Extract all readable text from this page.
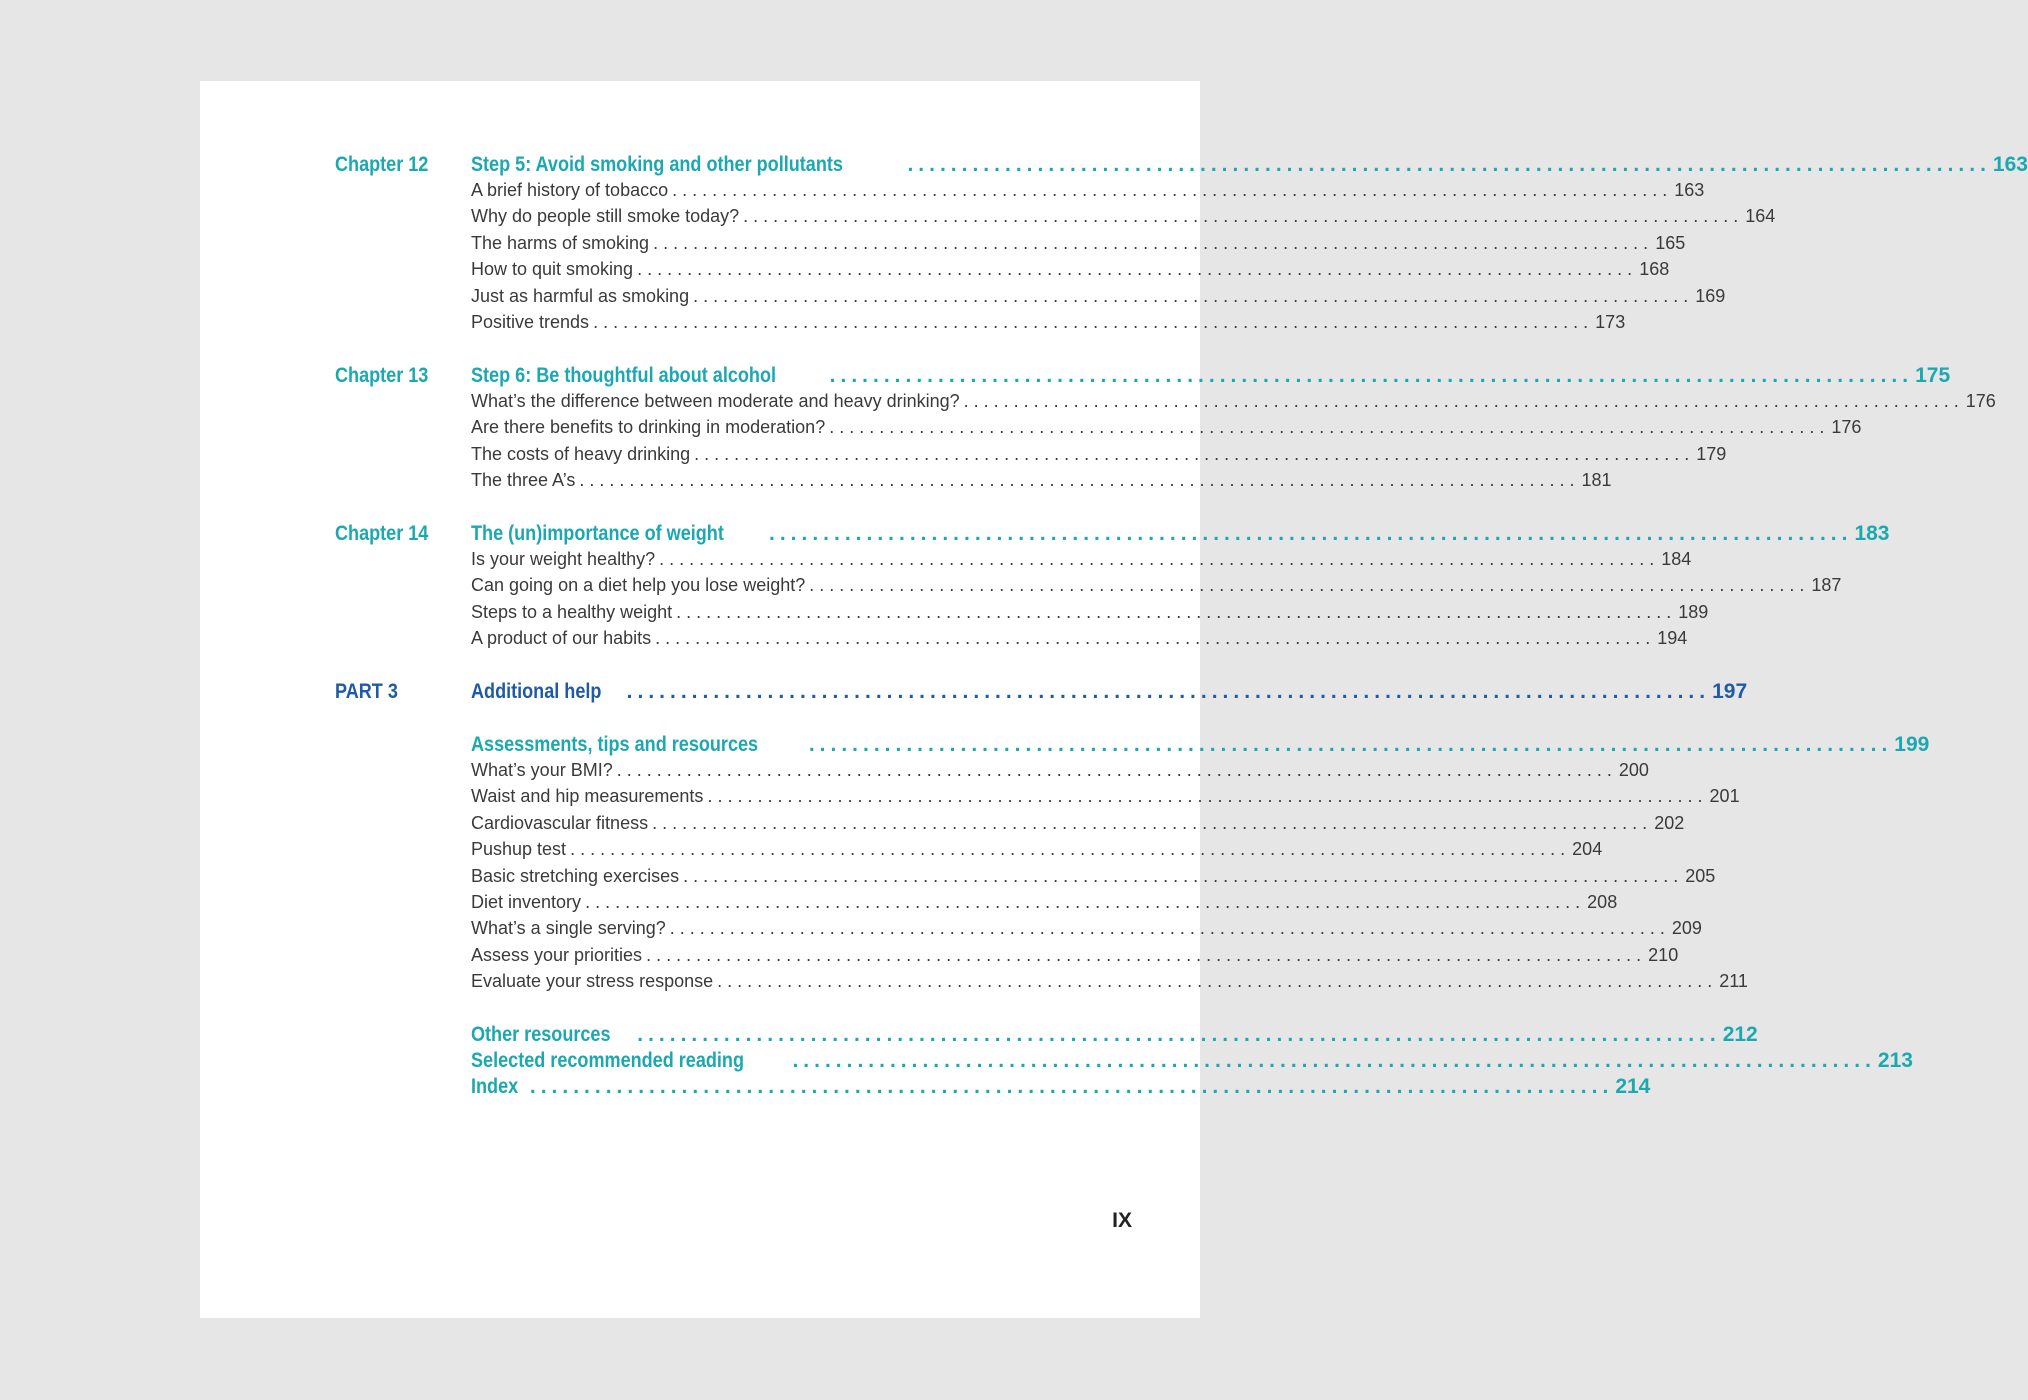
Chapter 12	Step 5: Avoid smoking and other pollutants	.................................................................................................... 163
A brief history of tobacco .................................................................................................... 163
Why do people still smoke today? .................................................................................................... 164
The harms of smoking .................................................................................................... 165
How to quit smoking .................................................................................................... 168
Just as harmful as smoking .................................................................................................... 169
Positive trends .................................................................................................... 173
Chapter 13	Step 6: Be thoughtful about alcohol	.................................................................................................... 175
What’s the difference between moderate and heavy drinking? .................................................................................................... 176
Are there benefits to drinking in moderation? .................................................................................................... 176
The costs of heavy drinking .................................................................................................... 179
The three A’s .................................................................................................... 181
Chapter 14	The (un)importance of weight .................................................................................................... 183
Is your weight healthy? .................................................................................................... 184
Can going on a diet help you lose weight? .................................................................................................... 187
Steps to a healthy weight .................................................................................................... 189
A product of our habits .................................................................................................... 194
PART 3	Additional help .................................................................................................... 197
Assessments, tips and resources .................................................................................................... 199
What’s your BMI? .................................................................................................... 200
Waist and hip measurements .................................................................................................... 201
Cardiovascular fitness .................................................................................................... 202
Pushup test .................................................................................................... 204
Basic stretching exercises .................................................................................................... 205
Diet inventory .................................................................................................... 208
What’s a single serving? .................................................................................................... 209
Assess your priorities .................................................................................................... 210
Evaluate your stress response .................................................................................................... 211
Other resources .................................................................................................... 212
Selected recommended reading .................................................................................................... 213
Index .................................................................................................... 214
IX
